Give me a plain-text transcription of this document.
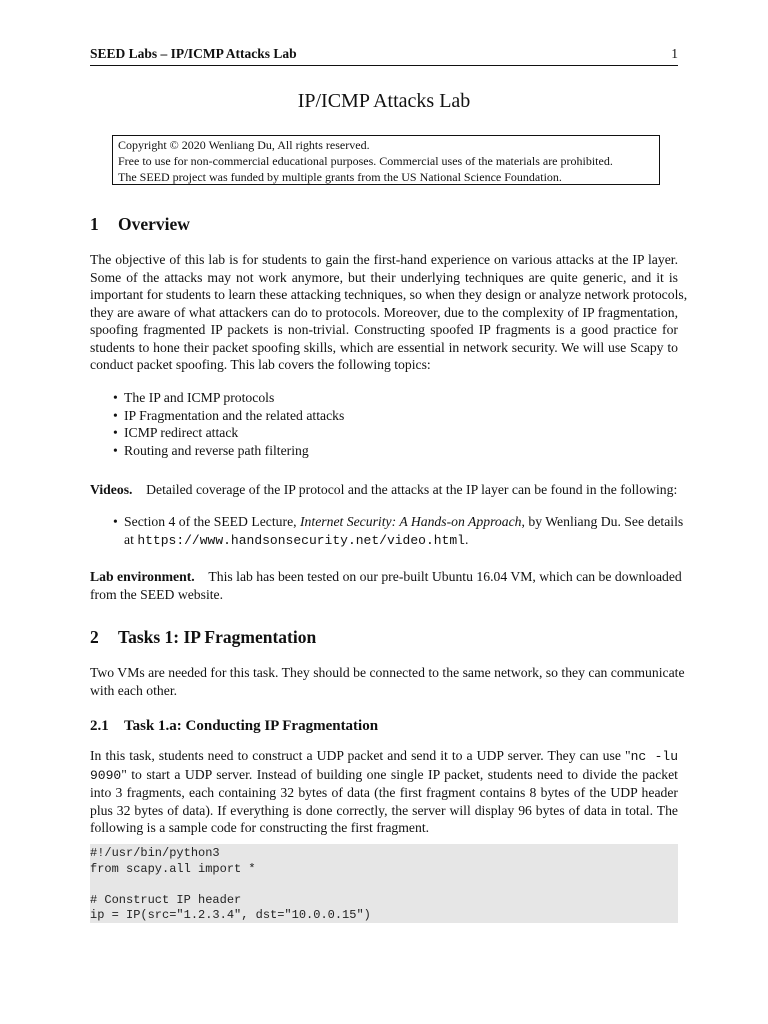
SEED Labs – IP/ICMP Attacks Lab	1
IP/ICMP Attacks Lab
Copyright © 2020 Wenliang Du, All rights reserved.
Free to use for non-commercial educational purposes. Commercial uses of the materials are prohibited.
The SEED project was funded by multiple grants from the US National Science Foundation.
1 Overview
The objective of this lab is for students to gain the first-hand experience on various attacks at the IP layer.
Some of the attacks may not work anymore, but their underlying techniques are quite generic, and it is
important for students to learn these attacking techniques, so when they design or analyze network protocols,
they are aware of what attackers can do to protocols. Moreover, due to the complexity of IP fragmentation,
spoofing fragmented IP packets is non-trivial. Constructing spoofed IP fragments is a good practice for
students to hone their packet spoofing skills, which are essential in network security. We will use Scapy to
conduct packet spoofing. This lab covers the following topics:
• The IP and ICMP protocols
• IP Fragmentation and the related attacks
• ICMP redirect attack
• Routing and reverse path filtering
Videos. Detailed coverage of the IP protocol and the attacks at the IP layer can be found in the following:
• Section 4 of the SEED Lecture, Internet Security: A Hands-on Approach, by Wenliang Du. See details
at https://www.handsonsecurity.net/video.html.
Lab environment. This lab has been tested on our pre-built Ubuntu 16.04 VM, which can be downloaded
from the SEED website.
2 Tasks 1: IP Fragmentation
Two VMs are needed for this task. They should be connected to the same network, so they can communicate
with each other.
2.1 Task 1.a: Conducting IP Fragmentation
In this task, students need to construct a UDP packet and send it to a UDP server. They can use "nc -lu
9090" to start a UDP server. Instead of building one single IP packet, students need to divide the packet
into 3 fragments, each containing 32 bytes of data (the first fragment contains 8 bytes of the UDP header
plus 32 bytes of data). If everything is done correctly, the server will display 96 bytes of data in total. The
following is a sample code for constructing the first fragment.
#!/usr/bin/python3
from scapy.all import *
# Construct IP header
ip = IP(src="1.2.3.4", dst="10.0.0.15")
